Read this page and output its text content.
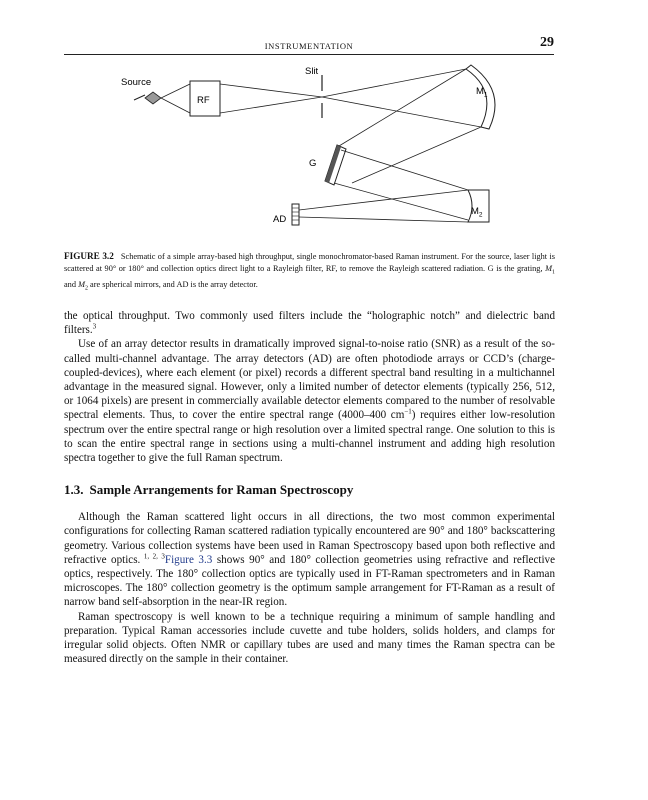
INSTRUMENTATION	29
Source
RF
Slit
$M_1$
G
$M_2$
AD
FIGURE 3.2 Schematic of a simple array-based high throughput, single monochromator-based Raman instrument. For the source, laser light is scattered at 90° or 180° and collection optics direct light to a Rayleigh filter, RF, to remove the Rayleigh scattered radiation. G is the grating, $M_1$ and $M_2$ are spherical mirrors, and AD is the array detector.

the optical throughput. Two commonly used filters include the “holographic notch” and dielectric band filters.$^3$

Use of an array detector results in dramatically improved signal-to-noise ratio (SNR) as a result of the so-called multi-channel advantage. The array detectors (AD) are often photodiode arrays or CCD’s (charge-coupled-devices), where each element (or pixel) records a different spectral band resulting in a multichannel advantage in the measured signal. However, only a limited number of detector elements (typically 256, 512, or 1064 pixels) are present in commercially available detector elements compared to the number of resolvable spectral elements. Thus, to cover the entire spectral range (4000–400 $cm^{-1}$) requires either low-resolution spectrum over the entire spectral range or high resolution over a limited spectral range. One solution to this is to scan the entire spectral range in sections using a multi-channel instrument and adding high resolution spectra together to give the full Raman spectrum.

1.3. Sample Arrangements for Raman Spectroscopy

Although the Raman scattered light occurs in all directions, the two most common experimental configurations for collecting Raman scattered radiation typically encountered are 90° and 180° backscattering geometry. Various collection systems have been used in Raman Spectroscopy based upon both reflective and refractive optics. $^{1, 2, 3}$Figure 3.3 shows 90° and 180° collection geometries using refractive and reflective optics, respectively. The 180° collection optics are typically used in FT-Raman spectrometers and in Raman microscopes. The 180° collection geometry is the optimum sample arrangement for FT-Raman as a result of narrow band self-absorption in the near-IR region.

Raman spectroscopy is well known to be a technique requiring a minimum of sample handling and preparation. Typical Raman accessories include cuvette and tube holders, solids holders, and clamps for irregular solid objects. Often NMR or capillary tubes are used and many times the Raman spectra can be measured directly on the sample in their container.
